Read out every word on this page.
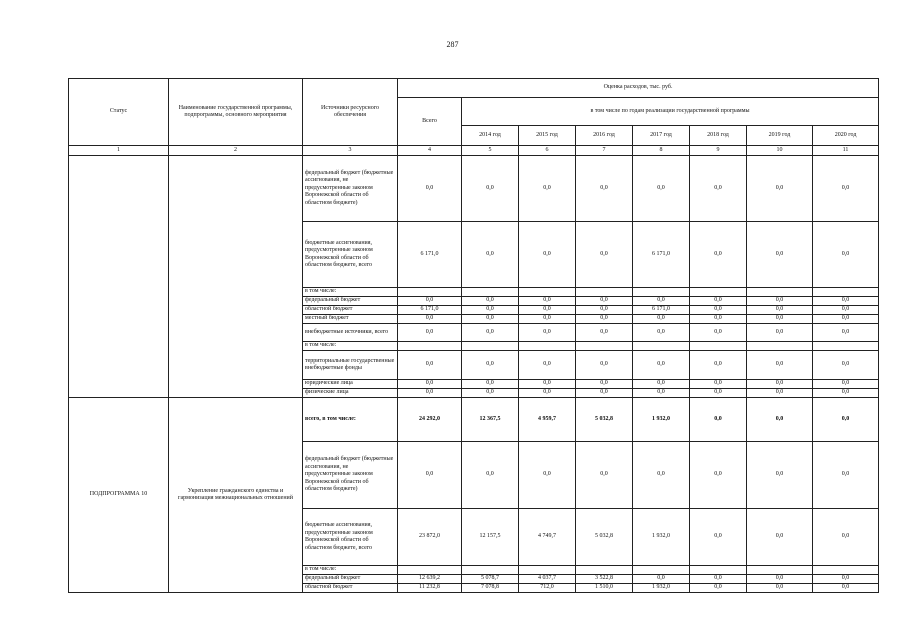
287
Статус	Наименование государственной программы, подпрограммы, основного мероприятия	Источники ресурсного обеспечения	Оценка расходов, тыс. руб.							
			Всего	в том числе по годам реализации государственной программы						
				2014 год	2015 год	2016 год	2017 год	2018 год	2019 год	2020 год
1	2	3	4	5	6	7	8	9	10	11
		федеральный бюджет (бюджетные ассигнования, не предусмотренные законом Воронежской области об областном бюджете)	0,0	0,0	0,0	0,0	0,0	0,0	0,0	0,0
		бюджетные ассигнования, предусмотренные законом Воронежской области об областном бюджете, всего	6 171,0	0,0	0,0	0,0	6 171,0	0,0	0,0	0,0
		в том числе:								
		федеральный бюджет	0,0	0,0	0,0	0,0	0,0	0,0	0,0	0,0
		областной бюджет	6 171,0	0,0	0,0	0,0	6 171,0	0,0	0,0	0,0
		местный бюджет	0,0	0,0	0,0	0,0	0,0	0,0	0,0	0,0
		внебюджетные источники, всего	0,0	0,0	0,0	0,0	0,0	0,0	0,0	0,0
		в том числе:								
		территориальные государственные внебюджетные фонды	0,0	0,0	0,0	0,0	0,0	0,0	0,0	0,0
		юридические лица	0,0	0,0	0,0	0,0	0,0	0,0	0,0	0,0
		физические лица	0,0	0,0	0,0	0,0	0,0	0,0	0,0	0,0
ПОДПРОГРАММА 10	Укрепление гражданского единства и гармонизация межнациональных отношений	всего, в том числе:	24 292,0	12 367,5	4 959,7	5 032,8	1 932,0	0,0	0,0	0,0
		федеральный бюджет (бюджетные ассигнования, не предусмотренные законом Воронежской области об областном бюджете)	0,0	0,0	0,0	0,0	0,0	0,0	0,0	0,0
		бюджетные ассигнования, предусмотренные законом Воронежской области об областном бюджете, всего	23 872,0	12 157,5	4 749,7	5 032,8	1 932,0	0,0	0,0	0,0
		в том числе:								
		федеральный бюджет	12 639,2	5 078,7	4 037,7	3 522,8	0,0	0,0	0,0	0,0
		областной бюджет	11 232,8	7 078,8	712,0	1 510,0	1 932,0	0,0	0,0	0,0
